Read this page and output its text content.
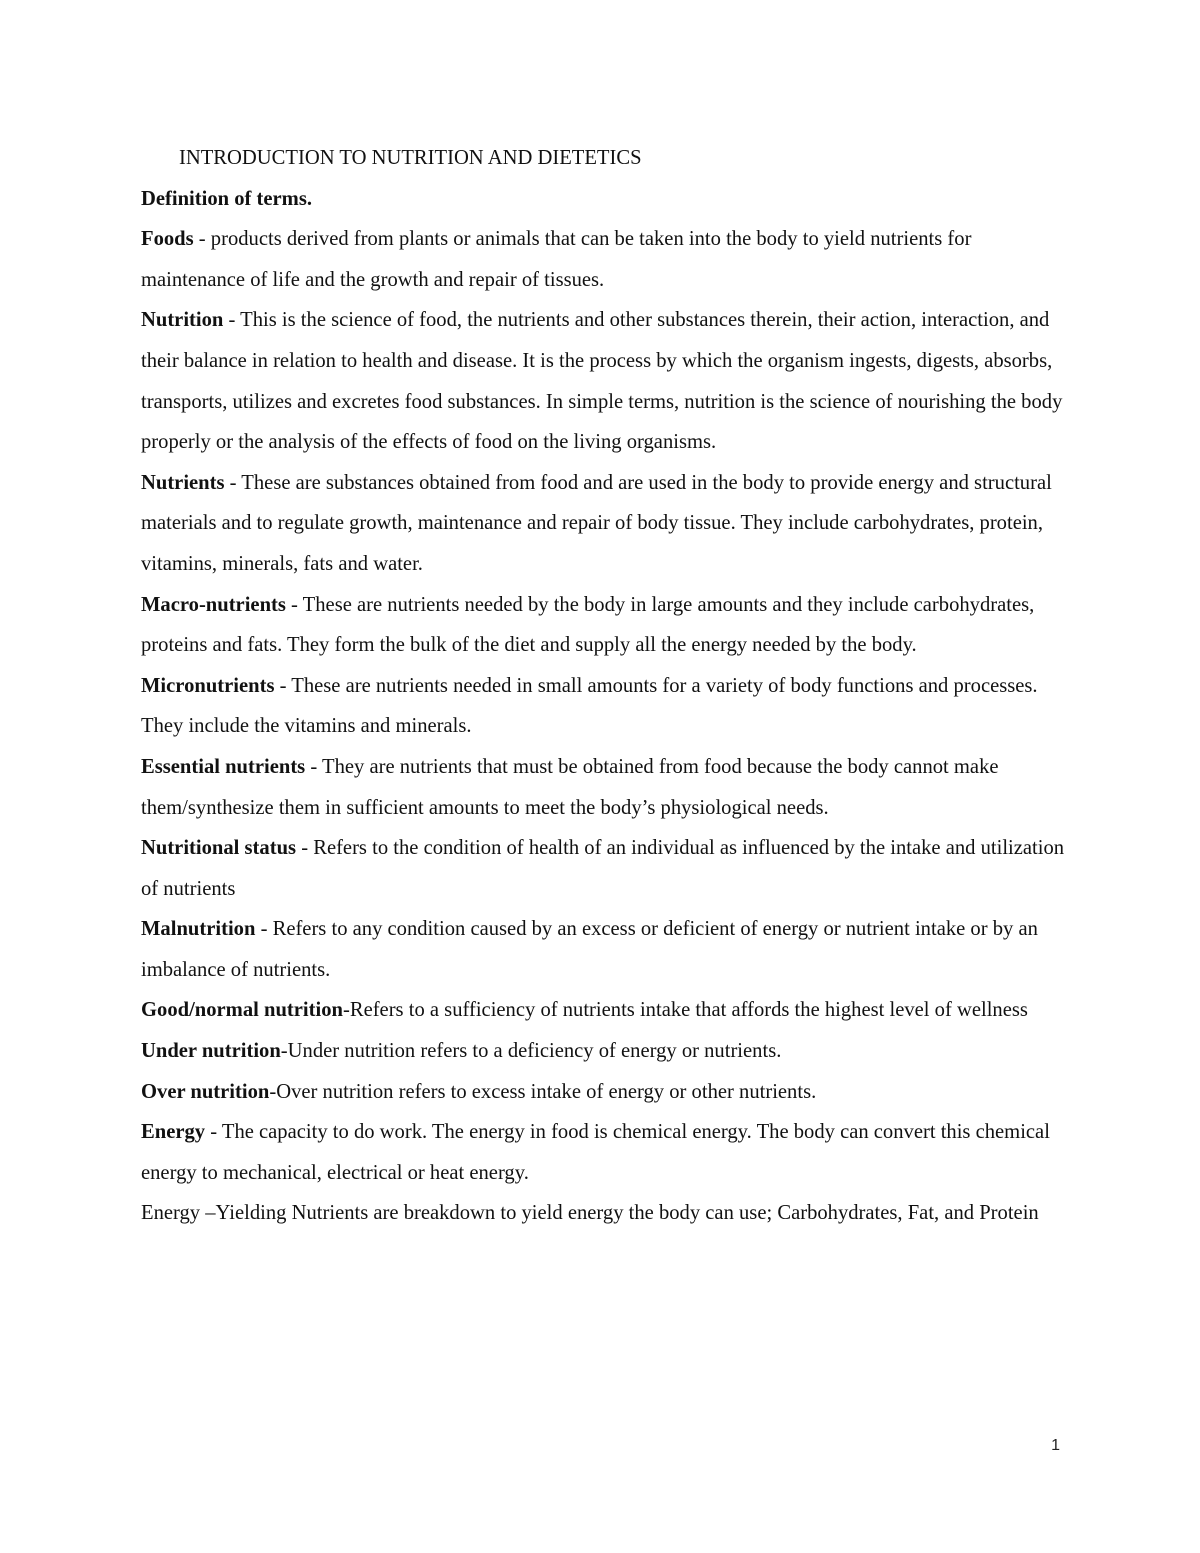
INTRODUCTION TO NUTRITION AND DIETETICS

Definition of terms.

Foods - products derived from plants or animals that can be taken into the body to yield nutrients for maintenance of life and the growth and repair of tissues.

Nutrition - This is the science of food, the nutrients and other substances therein, their action, interaction, and their balance in relation to health and disease. It is the process by which the organism ingests, digests, absorbs, transports, utilizes and excretes food substances. In simple terms, nutrition is the science of nourishing the body properly or the analysis of the effects of food on the living organisms.

Nutrients - These are substances obtained from food and are used in the body to provide energy and structural materials and to regulate growth, maintenance and repair of body tissue. They include carbohydrates, protein, vitamins, minerals, fats and water.

Macro-nutrients - These are nutrients needed by the body in large amounts and they include carbohydrates, proteins and fats. They form the bulk of the diet and supply all the energy needed by the body.

Micronutrients - These are nutrients needed in small amounts for a variety of body functions and processes. They include the vitamins and minerals.

Essential nutrients - They are nutrients that must be obtained from food because the body cannot make them/synthesize them in sufficient amounts to meet the body’s physiological needs.

Nutritional status - Refers to the condition of health of an individual as influenced by the intake and utilization of nutrients

Malnutrition - Refers to any condition caused by an excess or deficient of energy or nutrient intake or by an imbalance of nutrients.

Good/normal nutrition-Refers to a sufficiency of nutrients intake that affords the highest level of wellness

Under nutrition-Under nutrition refers to a deficiency of energy or nutrients.

Over nutrition-Over nutrition refers to excess intake of energy or other nutrients.

Energy - The capacity to do work. The energy in food is chemical energy. The body can convert this chemical energy to mechanical, electrical or heat energy.

Energy –Yielding Nutrients are breakdown to yield energy the body can use; Carbohydrates, Fat, and Protein

1
